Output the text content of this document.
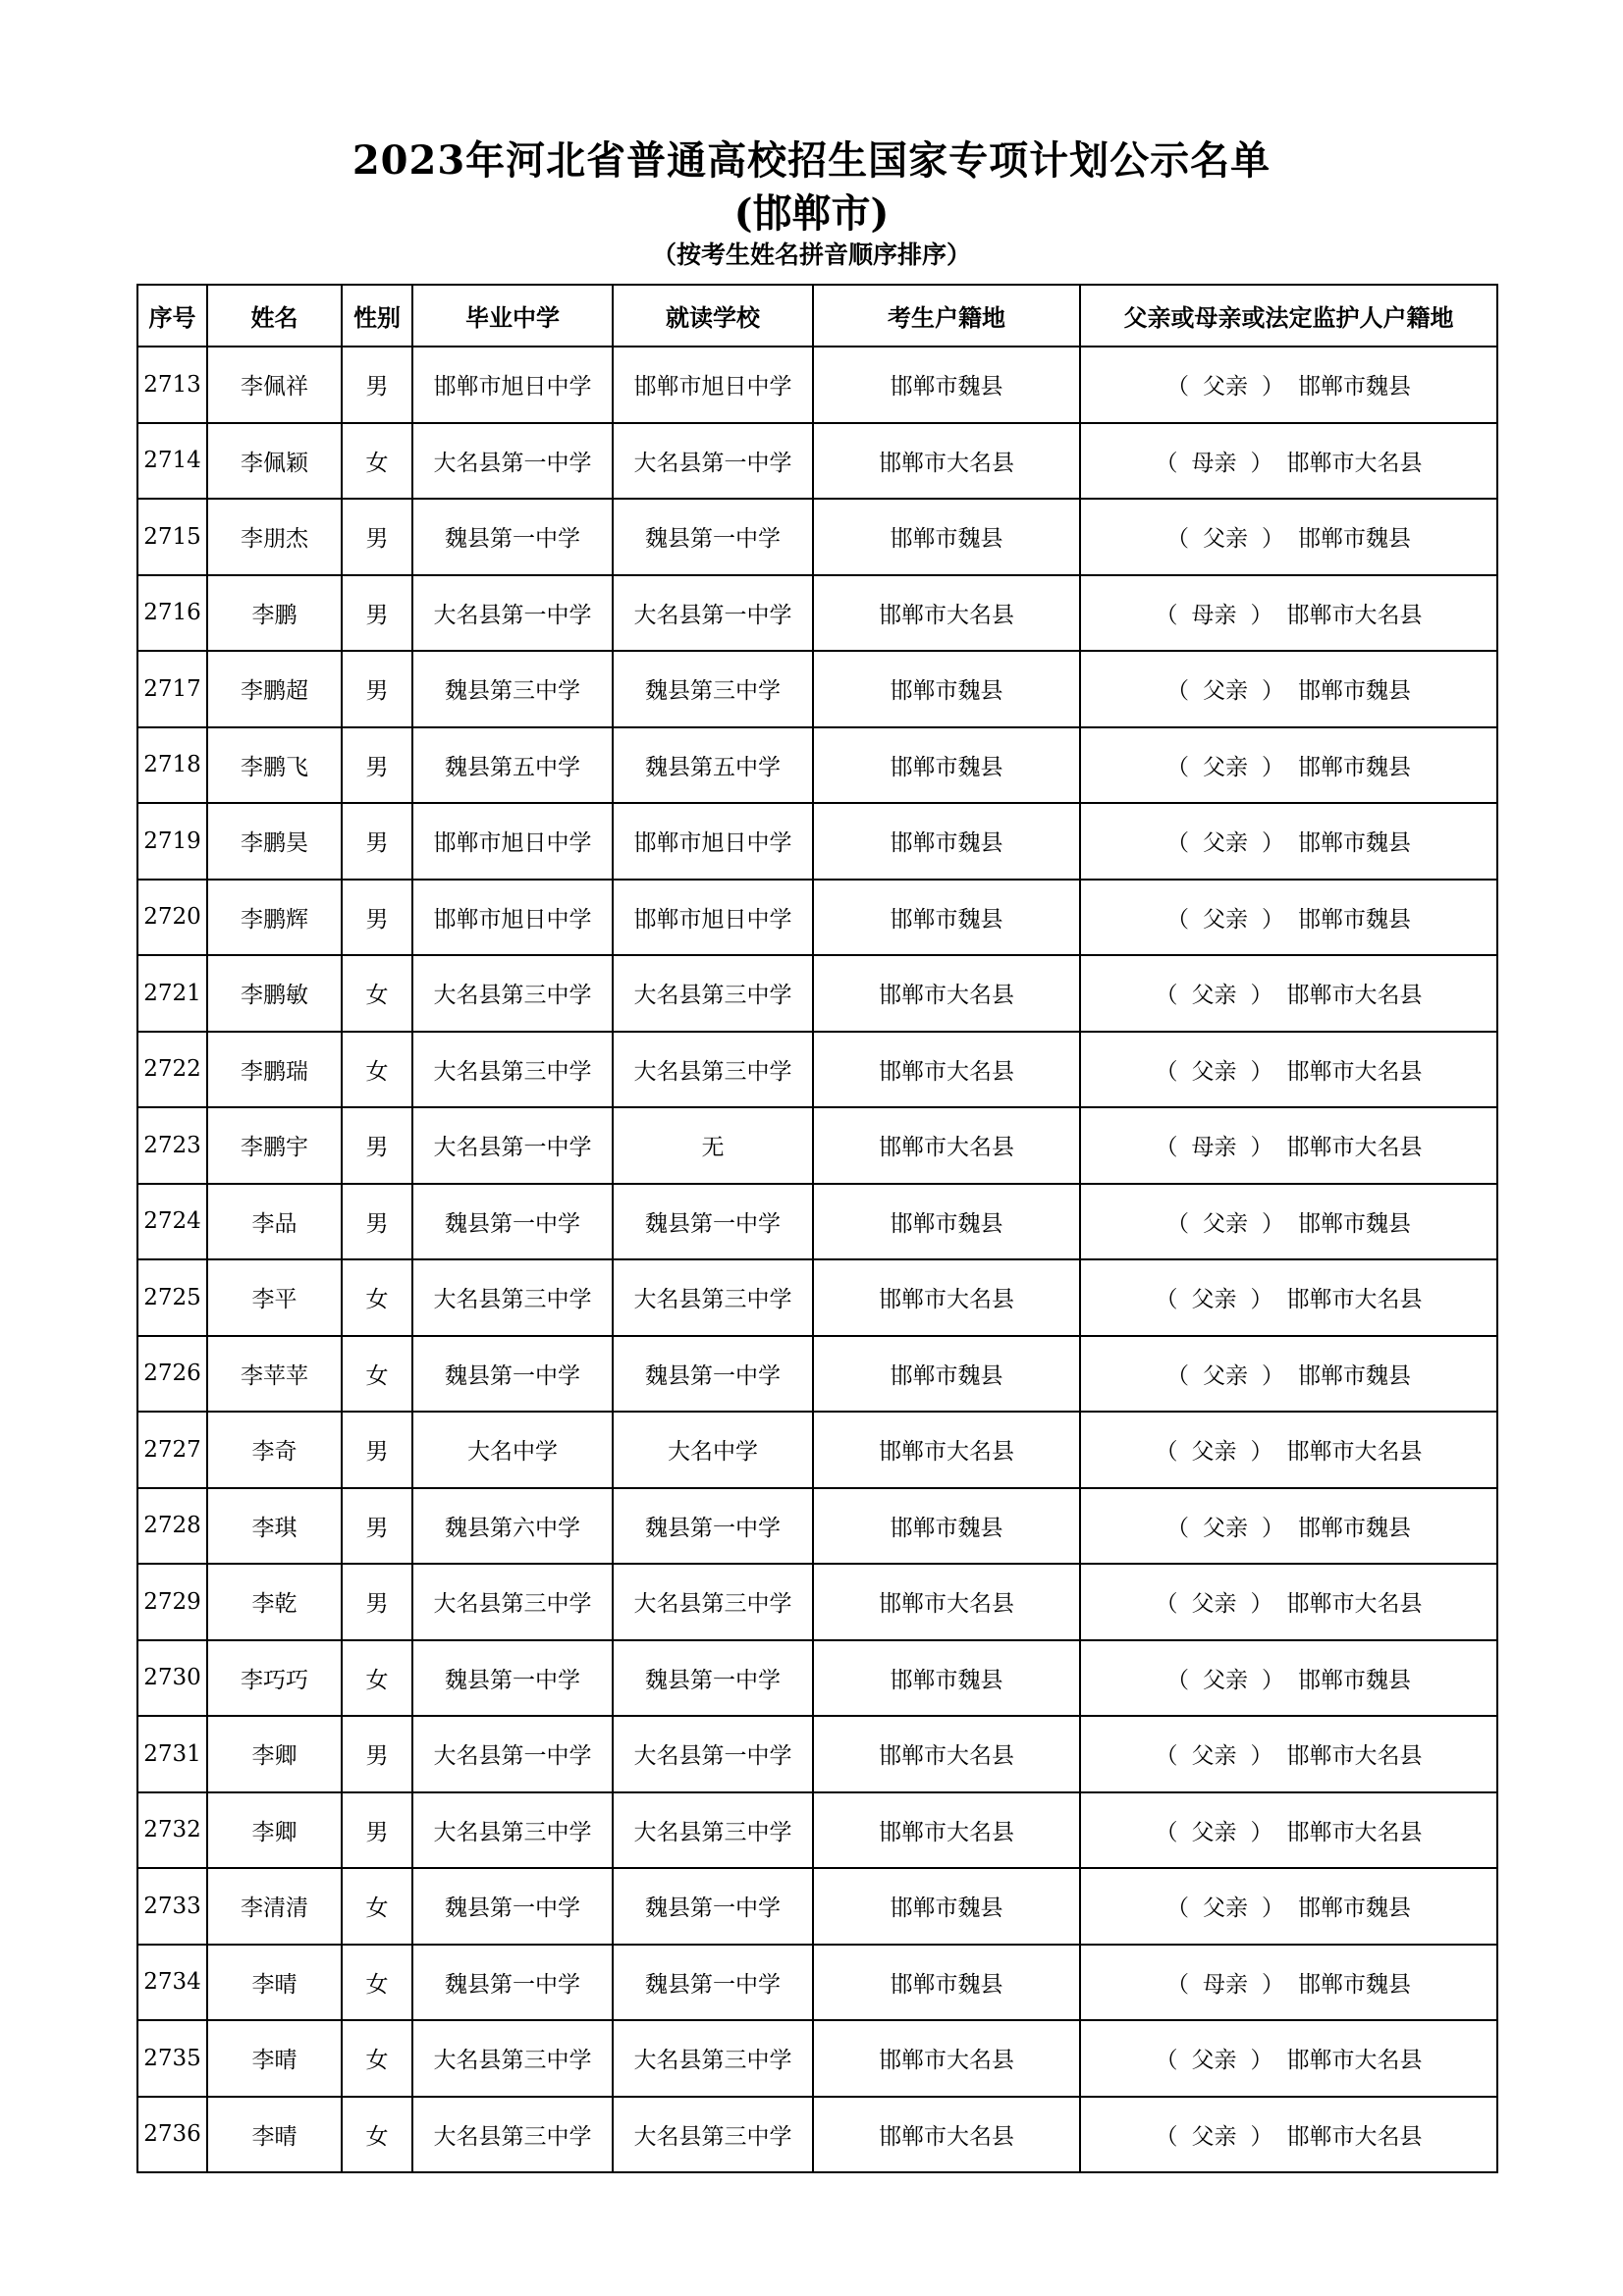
2023年河北省普通高校招生国家专项计划公示名单
(邯郸市)
（按考生姓名拼音顺序排序）
序号	姓名	性别	毕业中学	就读学校	考生户籍地	父亲或母亲或法定监护人户籍地
2713	李佩祥	男	邯郸市旭日中学	邯郸市旭日中学	邯郸市魏县	（ 父亲 ） 邯郸市魏县
2714	李佩颖	女	大名县第一中学	大名县第一中学	邯郸市大名县	（ 母亲 ） 邯郸市大名县
2715	李朋杰	男	魏县第一中学	魏县第一中学	邯郸市魏县	（ 父亲 ） 邯郸市魏县
2716	李鹏	男	大名县第一中学	大名县第一中学	邯郸市大名县	（ 母亲 ） 邯郸市大名县
2717	李鹏超	男	魏县第三中学	魏县第三中学	邯郸市魏县	（ 父亲 ） 邯郸市魏县
2718	李鹏飞	男	魏县第五中学	魏县第五中学	邯郸市魏县	（ 父亲 ） 邯郸市魏县
2719	李鹏昊	男	邯郸市旭日中学	邯郸市旭日中学	邯郸市魏县	（ 父亲 ） 邯郸市魏县
2720	李鹏辉	男	邯郸市旭日中学	邯郸市旭日中学	邯郸市魏县	（ 父亲 ） 邯郸市魏县
2721	李鹏敏	女	大名县第三中学	大名县第三中学	邯郸市大名县	（ 父亲 ） 邯郸市大名县
2722	李鹏瑞	女	大名县第三中学	大名县第三中学	邯郸市大名县	（ 父亲 ） 邯郸市大名县
2723	李鹏宇	男	大名县第一中学	无	邯郸市大名县	（ 母亲 ） 邯郸市大名县
2724	李品	男	魏县第一中学	魏县第一中学	邯郸市魏县	（ 父亲 ） 邯郸市魏县
2725	李平	女	大名县第三中学	大名县第三中学	邯郸市大名县	（ 父亲 ） 邯郸市大名县
2726	李苹苹	女	魏县第一中学	魏县第一中学	邯郸市魏县	（ 父亲 ） 邯郸市魏县
2727	李奇	男	大名中学	大名中学	邯郸市大名县	（ 父亲 ） 邯郸市大名县
2728	李琪	男	魏县第六中学	魏县第一中学	邯郸市魏县	（ 父亲 ） 邯郸市魏县
2729	李乾	男	大名县第三中学	大名县第三中学	邯郸市大名县	（ 父亲 ） 邯郸市大名县
2730	李巧巧	女	魏县第一中学	魏县第一中学	邯郸市魏县	（ 父亲 ） 邯郸市魏县
2731	李卿	男	大名县第一中学	大名县第一中学	邯郸市大名县	（ 父亲 ） 邯郸市大名县
2732	李卿	男	大名县第三中学	大名县第三中学	邯郸市大名县	（ 父亲 ） 邯郸市大名县
2733	李清清	女	魏县第一中学	魏县第一中学	邯郸市魏县	（ 父亲 ） 邯郸市魏县
2734	李晴	女	魏县第一中学	魏县第一中学	邯郸市魏县	（ 母亲 ） 邯郸市魏县
2735	李晴	女	大名县第三中学	大名县第三中学	邯郸市大名县	（ 父亲 ） 邯郸市大名县
2736	李晴	女	大名县第三中学	大名县第三中学	邯郸市大名县	（ 父亲 ） 邯郸市大名县
